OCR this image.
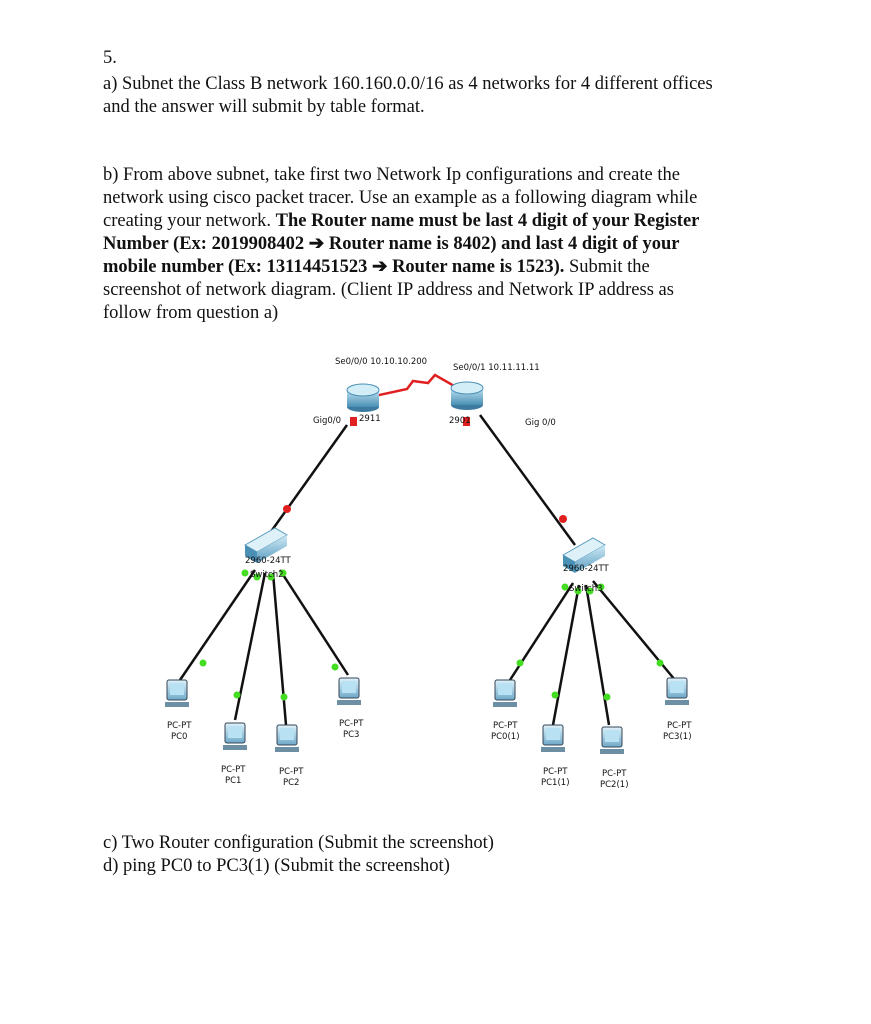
5.

a) Subnet the Class B network 160.160.0.0/16 as 4 networks for 4 different offices

and the answer will submit by table format.

b) From above subnet, take first two Network Ip configurations and create the

network using cisco packet tracer. Use an example as a following diagram while

creating your network. The Router name must be last 4 digit of your Register

Number (Ex: 2019908402 ➔ Router name is 8402) and last 4 digit of your

mobile number (Ex: 13114451523 ➔ Router name is 1523). Submit the

screenshot of network diagram. (Client IP address and Network IP address as

follow from question a)

Se0/0/0 10.10.10.200
Se0/0/1 10.11.11.11
Gig0/0 2911	2901	Gig 0/0
2960-24TT
Switch2
2960-24TT
Switch3
PC-PT
PC0
PC-PT
PC1
PC-PT
PC2
PC-PT
PC3
PC-PT
PC0(1)
PC-PT
PC1(1)
PC-PT
PC2(1)
PC-PT
PC3(1)

c) Two Router configuration (Submit the screenshot)

d) ping PC0 to PC3(1) (Submit the screenshot)
